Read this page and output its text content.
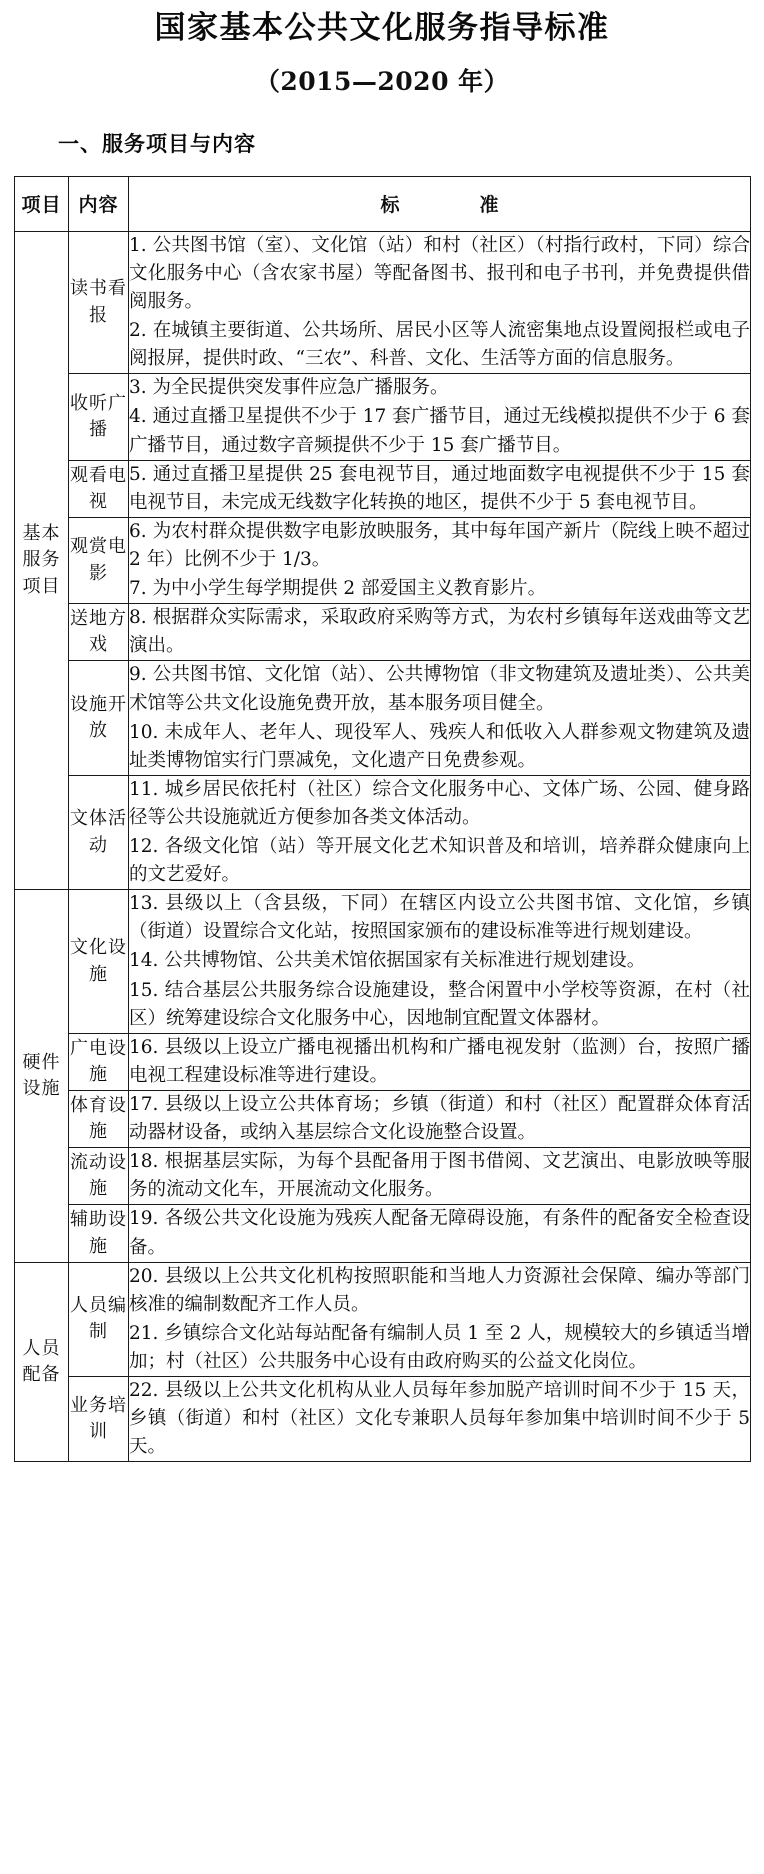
国家基本公共文化服务指导标准
（2015—2020 年）
一、服务项目与内容
项目	内容	标　　准

基本服务项目	读书看报	1. 公共图书馆（室）、文化馆（站）和村（社区）（村指行政村，下同）综合文化服务中心（含农家书屋）等配备图书、报刊和电子书刊，并免费提供借阅服务。

2. 在城镇主要街道、公共场所、居民小区等人流密集地点设置阅报栏或电子阅报屏，提供时政、“三农”、科普、文化、生活等方面的信息服务。

	收听广播	3. 为全民提供突发事件应急广播服务。

4. 通过直播卫星提供不少于 17 套广播节目，通过无线模拟提供不少于 6 套广播节目，通过数字音频提供不少于 15 套广播节目。

	观看电视	5. 通过直播卫星提供 25 套电视节目，通过地面数字电视提供不少于 15 套电视节目，未完成无线数字化转换的地区，提供不少于 5 套电视节目。

	观赏电影	6. 为农村群众提供数字电影放映服务，其中每年国产新片（院线上映不超过 2 年）比例不少于 1/3。

7. 为中小学生每学期提供 2 部爱国主义教育影片。

	送地方戏	8. 根据群众实际需求，采取政府采购等方式，为农村乡镇每年送戏曲等文艺演出。

	设施开放	9. 公共图书馆、文化馆（站）、公共博物馆（非文物建筑及遗址类）、公共美术馆等公共文化设施免费开放，基本服务项目健全。

10. 未成年人、老年人、现役军人、残疾人和低收入人群参观文物建筑及遗址类博物馆实行门票减免，文化遗产日免费参观。

	文体活动	11. 城乡居民依托村（社区）综合文化服务中心、文体广场、公园、健身路径等公共设施就近方便参加各类文体活动。

12. 各级文化馆（站）等开展文化艺术知识普及和培训，培养群众健康向上的文艺爱好。

硬件设施	文化设施	13. 县级以上（含县级，下同）在辖区内设立公共图书馆、文化馆，乡镇（街道）设置综合文化站，按照国家颁布的建设标准等进行规划建设。

14. 公共博物馆、公共美术馆依据国家有关标准进行规划建设。

15. 结合基层公共服务综合设施建设，整合闲置中小学校等资源，在村（社区）统筹建设综合文化服务中心，因地制宜配置文体器材。

	广电设施	16. 县级以上设立广播电视播出机构和广播电视发射（监测）台，按照广播电视工程建设标准等进行建设。

	体育设施	17. 县级以上设立公共体育场；乡镇（街道）和村（社区）配置群众体育活动器材设备，或纳入基层综合文化设施整合设置。

	流动设施	18. 根据基层实际，为每个县配备用于图书借阅、文艺演出、电影放映等服务的流动文化车，开展流动文化服务。

	辅助设施	19. 各级公共文化设施为残疾人配备无障碍设施，有条件的配备安全检查设备。

人员配备	人员编制	20. 县级以上公共文化机构按照职能和当地人力资源社会保障、编办等部门核准的编制数配齐工作人员。

21. 乡镇综合文化站每站配备有编制人员 1 至 2 人，规模较大的乡镇适当增加；村（社区）公共服务中心设有由政府购买的公益文化岗位。

	业务培训	22. 县级以上公共文化机构从业人员每年参加脱产培训时间不少于 15 天，乡镇（街道）和村（社区）文化专兼职人员每年参加集中培训时间不少于 5 天。
